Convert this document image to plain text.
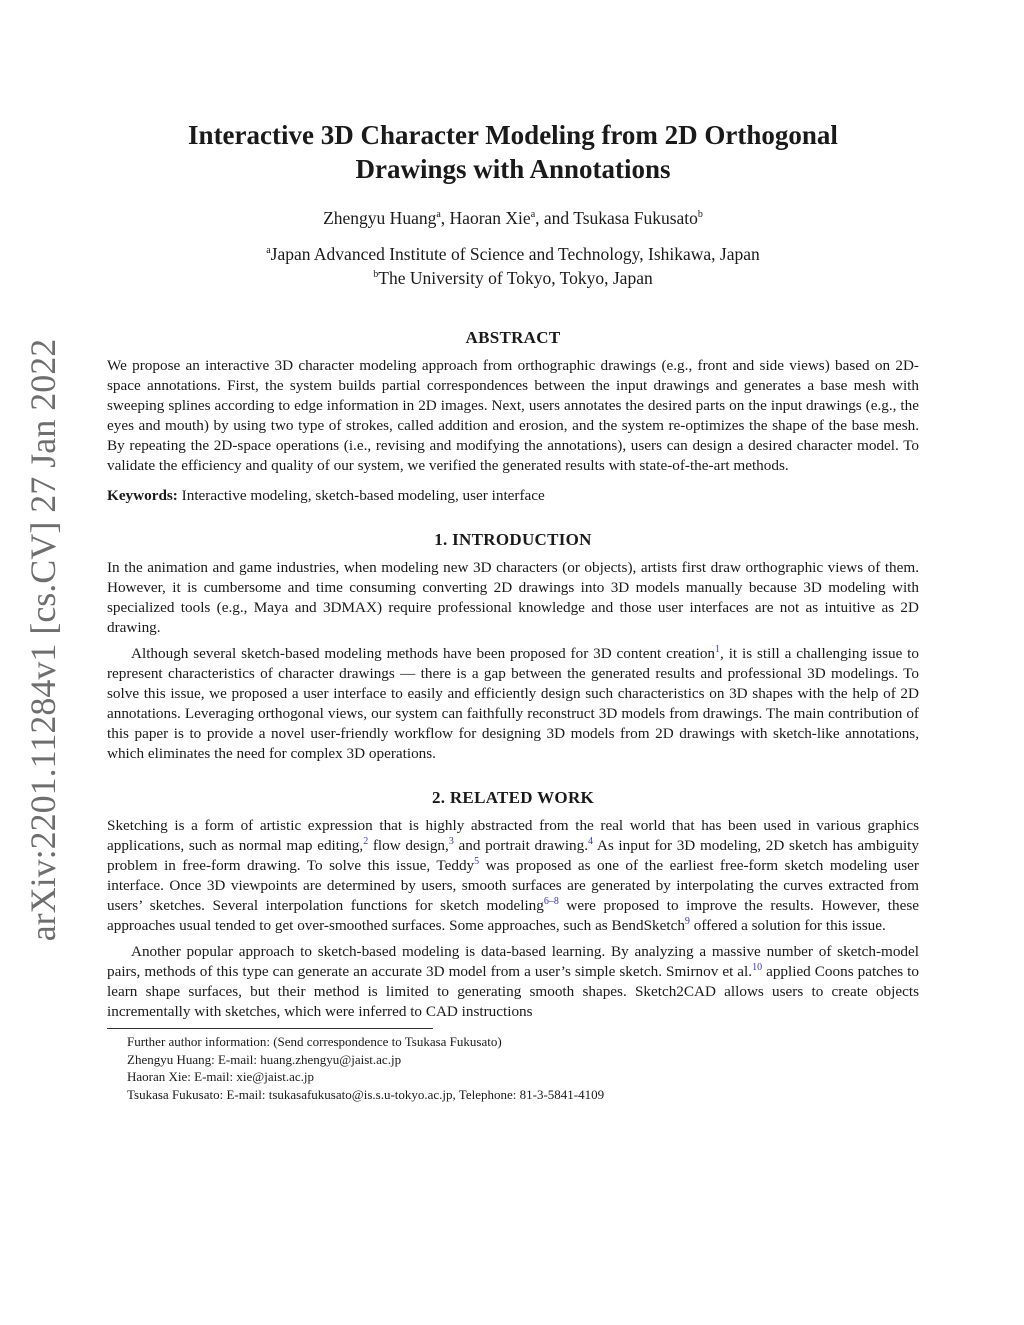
arXiv:2201.11284v1 [cs.CV] 27 Jan 2022
Interactive 3D Character Modeling from 2D Orthogonal
Drawings with Annotations
Zhengyu Huang$^a$, Haoran Xie$^a$, and Tsukasa Fukusato$^b$
$^a$Japan Advanced Institute of Science and Technology, Ishikawa, Japan
$^b$The University of Tokyo, Tokyo, Japan
ABSTRACT

We propose an interactive 3D character modeling approach from orthographic drawings (e.g., front and side views) based on 2D-space annotations. First, the system builds partial correspondences between the input drawings and generates a base mesh with sweeping splines according to edge information in 2D images. Next, users annotates the desired parts on the input drawings (e.g., the eyes and mouth) by using two type of strokes, called addition and erosion, and the system re-optimizes the shape of the base mesh. By repeating the 2D-space operations (i.e., revising and modifying the annotations), users can design a desired character model. To validate the efficiency and quality of our system, we verified the generated results with state-of-the-art methods.

Keywords: Interactive modeling, sketch-based modeling, user interface

1. INTRODUCTION

In the animation and game industries, when modeling new 3D characters (or objects), artists first draw orthographic views of them. However, it is cumbersome and time consuming converting 2D drawings into 3D models manually because 3D modeling with specialized tools (e.g., Maya and 3DMAX) require professional knowledge and those user interfaces are not as intuitive as 2D drawing.

Although several sketch-based modeling methods have been proposed for 3D content creation$^1$, it is still a challenging issue to represent characteristics of character drawings — there is a gap between the generated results and professional 3D modelings. To solve this issue, we proposed a user interface to easily and efficiently design such characteristics on 3D shapes with the help of 2D annotations. Leveraging orthogonal views, our system can faithfully reconstruct 3D models from drawings. The main contribution of this paper is to provide a novel user-friendly workflow for designing 3D models from 2D drawings with sketch-like annotations, which eliminates the need for complex 3D operations.

2. RELATED WORK

Sketching is a form of artistic expression that is highly abstracted from the real world that has been used in various graphics applications, such as normal map editing,$^2$ flow design,$^3$ and portrait drawing.$^4$ As input for 3D modeling, 2D sketch has ambiguity problem in free-form drawing. To solve this issue, Teddy$^5$ was proposed as one of the earliest free-form sketch modeling user interface. Once 3D viewpoints are determined by users, smooth surfaces are generated by interpolating the curves extracted from users’ sketches. Several interpolation functions for sketch modeling$^{6-8}$ were proposed to improve the results. However, these approaches usual tended to get over-smoothed surfaces. Some approaches, such as BendSketch$^9$ offered a solution for this issue.

Another popular approach to sketch-based modeling is data-based learning. By analyzing a massive number of sketch-model pairs, methods of this type can generate an accurate 3D model from a user’s simple sketch. Smirnov et al.$^{10}$ applied Coons patches to learn shape surfaces, but their method is limited to generating smooth shapes. Sketch2CAD allows users to create objects incrementally with sketches, which were inferred to CAD instructions

Further author information: (Send correspondence to Tsukasa Fukusato)

Zhengyu Huang: E-mail: huang.zhengyu@jaist.ac.jp

Haoran Xie: E-mail: xie@jaist.ac.jp

Tsukasa Fukusato: E-mail: tsukasafukusato@is.s.u-tokyo.ac.jp, Telephone: 81-3-5841-4109
